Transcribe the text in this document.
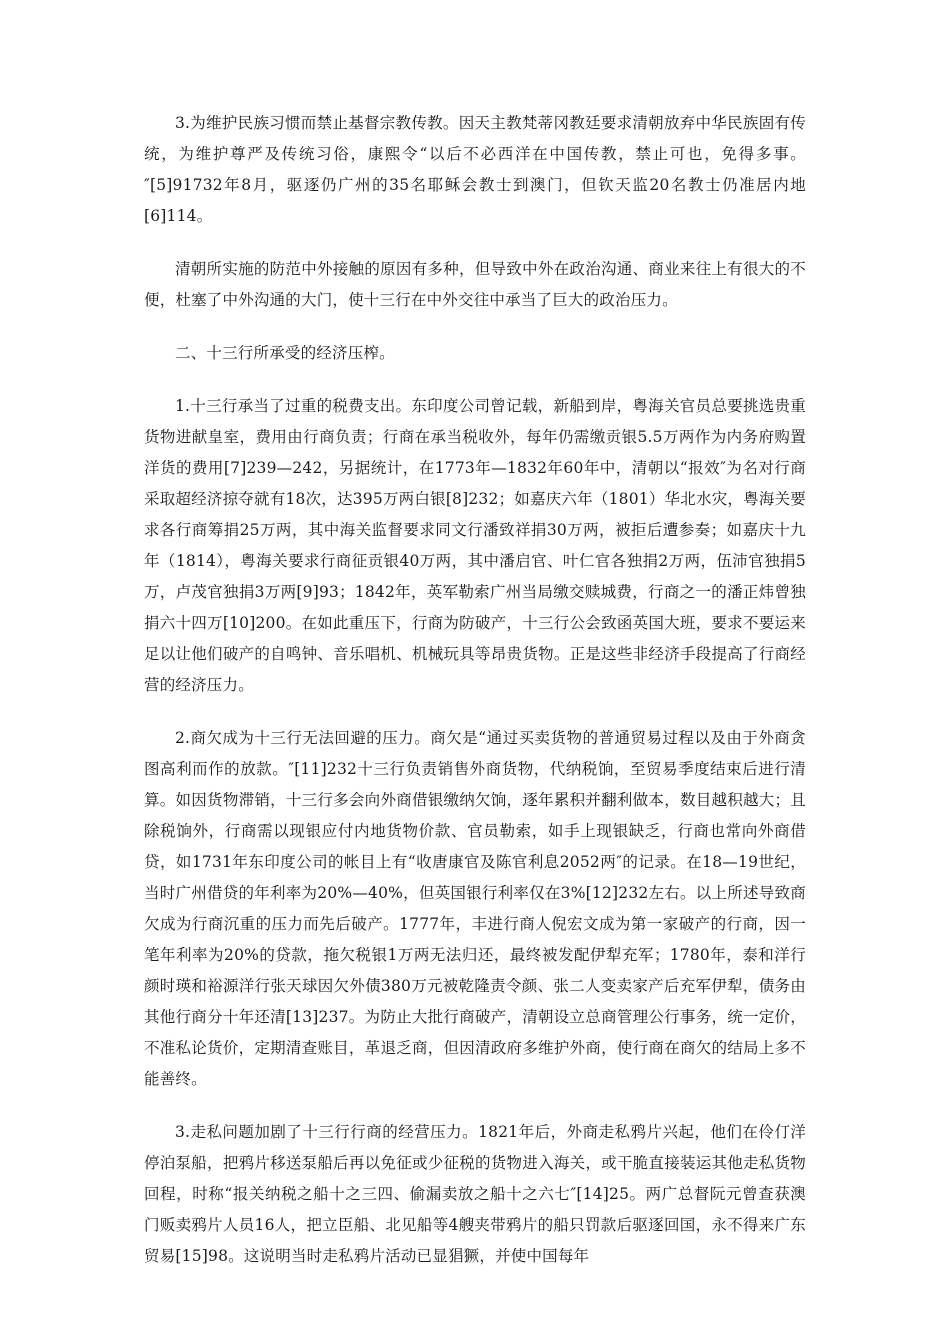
3.为维护民族习惯而禁止基督宗教传教。因天主教梵蒂冈教廷要求清朝放弃中华民族固有传统，为维护尊严及传统习俗，康熙令“以后不必西洋在中国传教，禁止可也，免得多事。″[5]91732年8月，驱逐仍广州的35名耶稣会教士到澳门，但钦天监20名教士仍准居内地[6]114。

清朝所实施的防范中外接触的原因有多种，但导致中外在政治沟通、商业来往上有很大的不便，杜塞了中外沟通的大门，使十三行在中外交往中承当了巨大的政治压力。

二、十三行所承受的经济压榨。

1.十三行承当了过重的税费支出。东印度公司曾记载，新船到岸，粤海关官员总要挑选贵重货物进献皇室，费用由行商负责；行商在承当税收外，每年仍需缴贡银5.5万两作为内务府购置洋货的费用[7]239—242，另据统计，在1773年—1832年60年中，清朝以“报效″为名对行商采取超经济掠夺就有18次，达395万两白银[8]232；如嘉庆六年（1801）华北水灾，粤海关要求各行商筹捐25万两，其中海关监督要求同文行潘致祥捐30万两，被拒后遭参奏；如嘉庆十九年（1814），粤海关要求行商征贡银40万两，其中潘启官、叶仁官各独捐2万两，伍沛官独捐5万，卢茂官独捐3万两[9]93；1842年，英军勒索广州当局缴交赎城费，行商之一的潘正炜曾独捐六十四万[10]200。在如此重压下，行商为防破产，十三行公会致函英国大班，要求不要运来足以让他们破产的自鸣钟、音乐唱机、机械玩具等昂贵货物。正是这些非经济手段提高了行商经营的经济压力。

2.商欠成为十三行无法回避的压力。商欠是“通过买卖货物的普通贸易过程以及由于外商贪图高利而作的放款。″[11]232十三行负责销售外商货物，代纳税饷，至贸易季度结束后进行清算。如因货物滞销，十三行多会向外商借银缴纳欠饷，逐年累积并翻利做本，数目越积越大；且除税饷外，行商需以现银应付内地货物价款、官员勒索，如手上现银缺乏，行商也常向外商借贷，如1731年东印度公司的帐目上有“收唐康官及陈官利息2052两″的记录。在18—19世纪，当时广州借贷的年利率为20%—40%，但英国银行利率仅在3%[12]232左右。以上所述导致商欠成为行商沉重的压力而先后破产。1777年，丰进行商人倪宏文成为第一家破产的行商，因一笔年利率为20%的贷款，拖欠税银1万两无法归还，最终被发配伊犁充军；1780年，泰和洋行颜时瑛和裕源洋行张天球因欠外债380万元被乾隆责令颜、张二人变卖家产后充军伊犁，债务由其他行商分十年还清[13]237。为防止大批行商破产，清朝设立总商管理公行事务，统一定价，不准私论货价，定期清查账目，革退乏商，但因清政府多维护外商，使行商在商欠的结局上多不能善终。

3.走私问题加剧了十三行行商的经营压力。1821年后，外商走私鸦片兴起，他们在伶仃洋停泊泵船，把鸦片移送泵船后再以免征或少征税的货物进入海关，或干脆直接装运其他走私货物回程，时称“报关纳税之船十之三四、偷漏卖放之船十之六七″[14]25。两广总督阮元曾查获澳门贩卖鸦片人员16人，把立臣船、北见船等4艘夹带鸦片的船只罚款后驱逐回国，永不得来广东贸易[15]98。这说明当时走私鸦片活动已显猖獗，并使中国每年
